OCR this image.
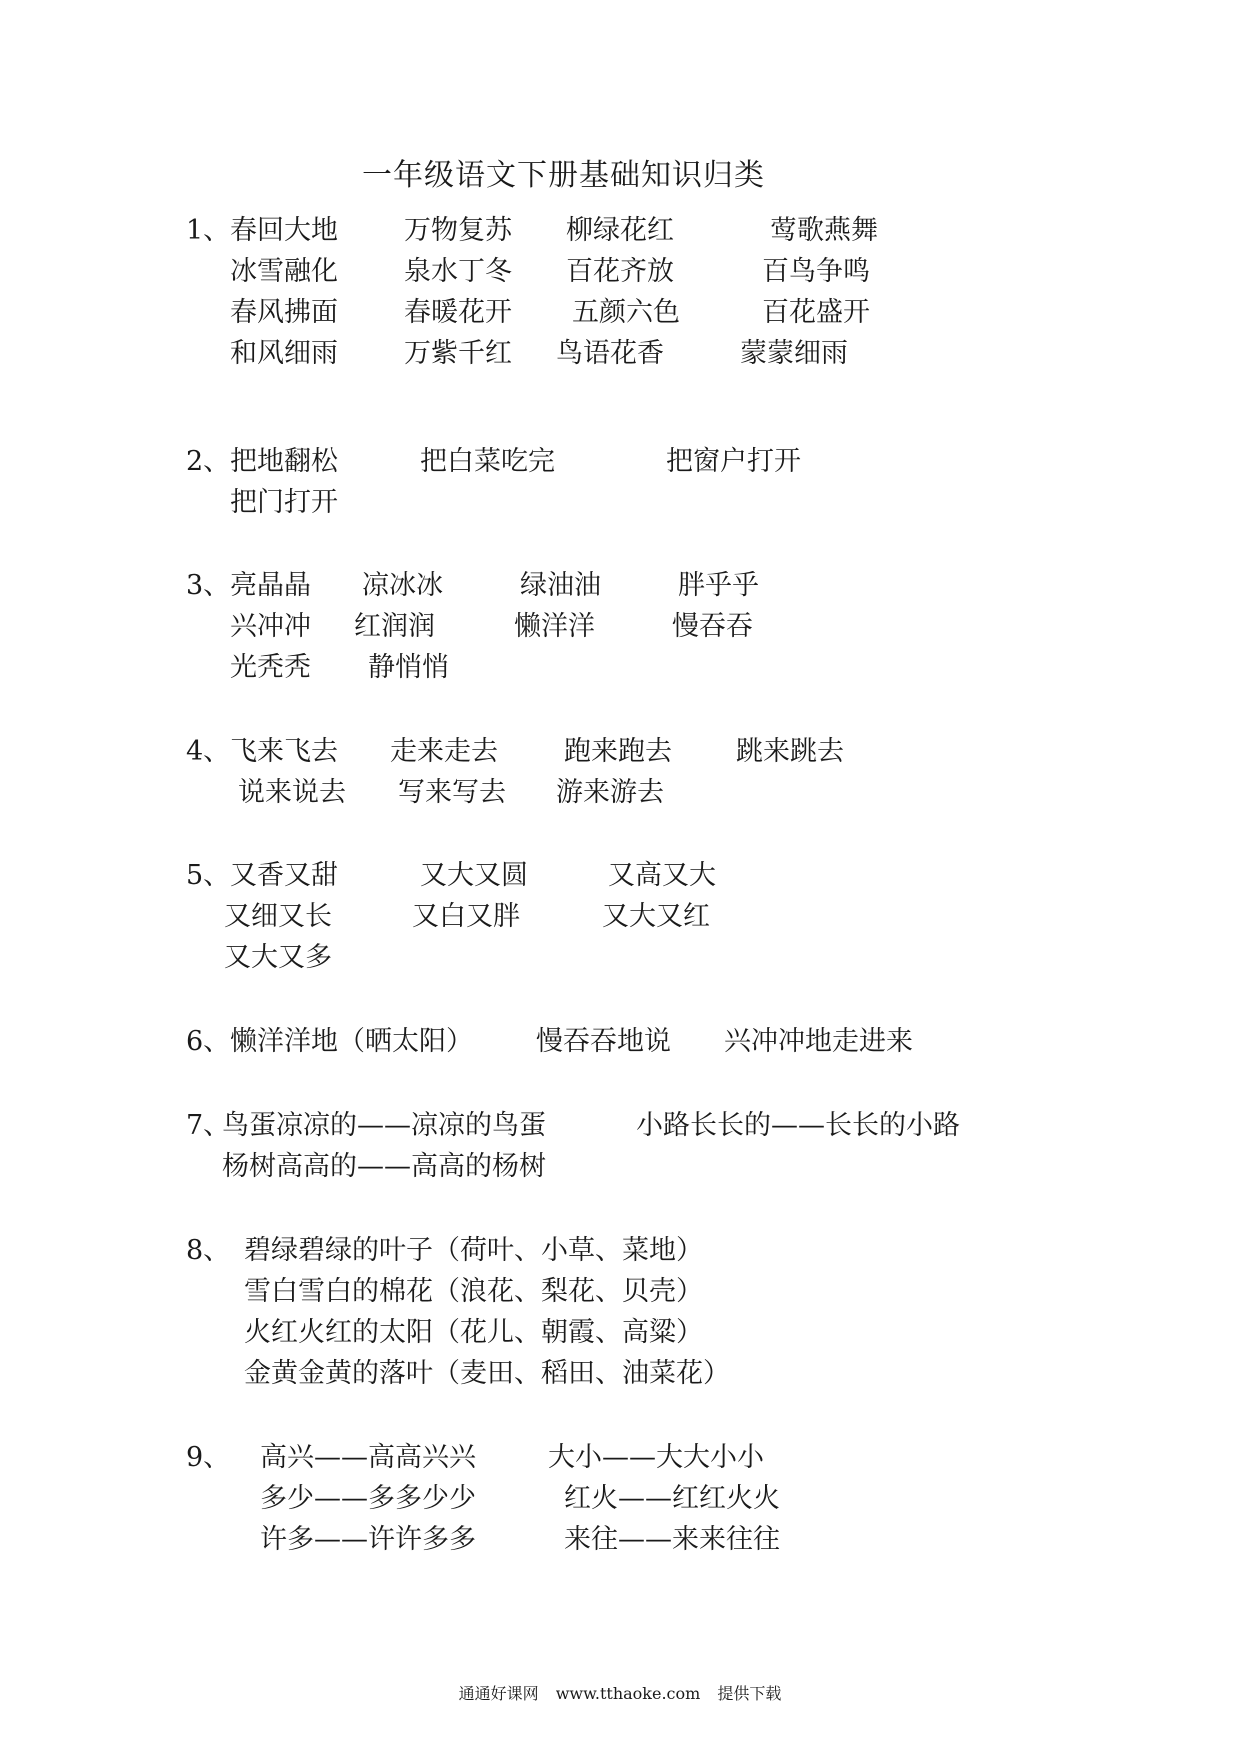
一年级语文下册基础知识归类
1、 春回大地 万物复苏 柳绿花红	莺歌燕舞
冰雪融化 泉水丁冬 百花齐放	百鸟争鸣
春风拂面 春暖花开 五颜六色	百花盛开
和风细雨 万紫千红 鸟语花香	蒙蒙细雨
2、 把地翻松	把白菜吃完	把窗户打开
把门打开
3、 亮晶晶 凉冰冰	绿油油	胖乎乎
兴冲冲 红润润	懒洋洋	慢吞吞
光秃秃 静悄悄
4、 飞来飞去 走来走去 跑来跑去 跳来跳去
说来说去 写来写去 游来游去
5、 又香又甜	又大又圆	又高又大
又细又长	又白又胖	又大又红
又大又多
6、 懒洋洋地（晒太阳） 慢吞吞地说 兴冲冲地走进来
7、
鸟蛋凉凉的——凉凉的鸟蛋	小路长长的——长长的小路
杨树高高的——高高的杨树
8、 碧绿碧绿的叶子（荷叶、小草、菜地）
雪白雪白的棉花（浪花、梨花、贝壳）
火红火红的太阳（花儿、朝霞、高粱）
金黄金黄的落叶（麦田、稻田、油菜花）
9、 高兴——高高兴兴	大小——大大小小
多少——多多少少	红火——红红火火
许多——许许多多	来往——来来往往
通通好课网 www.tthaoke.com 提供下载
